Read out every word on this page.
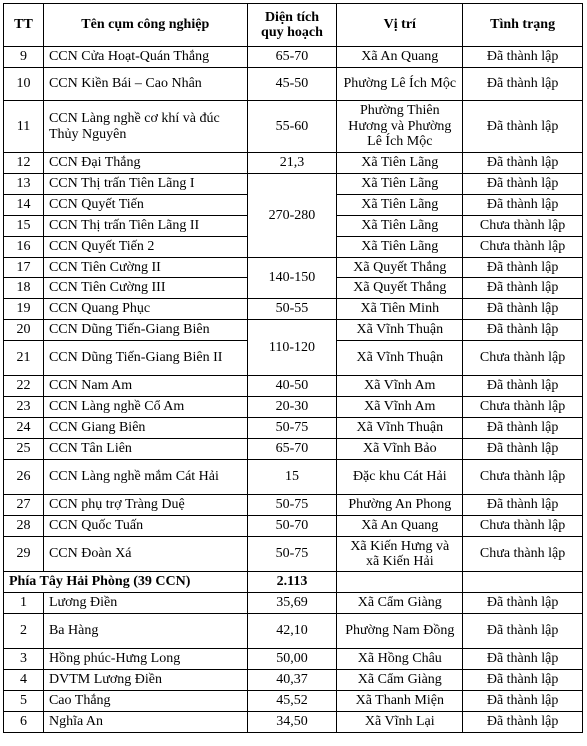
TT	Tên cụm công nghiệp	Diện tích quy hoạch	Vị trí	Tình trạng
9	CCN Cửa Hoạt-Quán Thắng	65-70	Xã An Quang	Đã thành lập
10	CCN Kiền Bái – Cao Nhân	45-50	Phường Lê Ích Mộc	Đã thành lập
11	CCN Làng nghề cơ khí và đúc Thủy Nguyên	55-60	Phường Thiên Hương và Phường Lê Ích Mộc	Đã thành lập
12	CCN Đại Thắng	21,3	Xã Tiên Lãng	Đã thành lập
13	CCN Thị trấn Tiên Lãng I	270-280	Xã Tiên Lãng	Đã thành lập
14	CCN Quyết Tiến		Xã Tiên Lãng	Đã thành lập
15	CCN Thị trấn Tiên Lãng II		Xã Tiên Lãng	Chưa thành lập
16	CCN Quyết Tiến 2		Xã Tiên Lãng	Chưa thành lập
17	CCN Tiên Cường II	140-150	Xã Quyết Thắng	Đã thành lập
18	CCN Tiên Cường III		Xã Quyết Thắng	Đã thành lập
19	CCN Quang Phục	50-55	Xã Tiên Minh	Đã thành lập
20	CCN Dũng Tiến-Giang Biên	110-120	Xã Vĩnh Thuận	Đã thành lập
21	CCN Dũng Tiến-Giang Biên II		Xã Vĩnh Thuận	Chưa thành lập
22	CCN Nam Am	40-50	Xã Vĩnh Am	Đã thành lập
23	CCN Làng nghề Cổ Am	20-30	Xã Vĩnh Am	Chưa thành lập
24	CCN Giang Biên	50-75	Xã Vĩnh Thuận	Đã thành lập
25	CCN Tân Liên	65-70	Xã Vĩnh Bảo	Đã thành lập
26	CCN Làng nghề mắm Cát Hải	15	Đặc khu Cát Hải	Chưa thành lập
27	CCN phụ trợ Tràng Duệ	50-75	Phường An Phong	Đã thành lập
28	CCN Quốc Tuấn	50-70	Xã An Quang	Chưa thành lập
29	CCN Đoàn Xá	50-75	Xã Kiến Hưng và xã Kiến Hải	Chưa thành lập
Phía Tây Hải Phòng (39 CCN)		2.113		
1	Lương Điền	35,69	Xã Cẩm Giàng	Đã thành lập
2	Ba Hàng	42,10	Phường Nam Đồng	Đã thành lập
3	Hồng phúc-Hưng Long	50,00	Xã Hồng Châu	Đã thành lập
4	DVTM Lương Điền	40,37	Xã Cẩm Giàng	Đã thành lập
5	Cao Thắng	45,52	Xã Thanh Miện	Đã thành lập
6	Nghĩa An	34,50	Xã Vĩnh Lại	Đã thành lập
